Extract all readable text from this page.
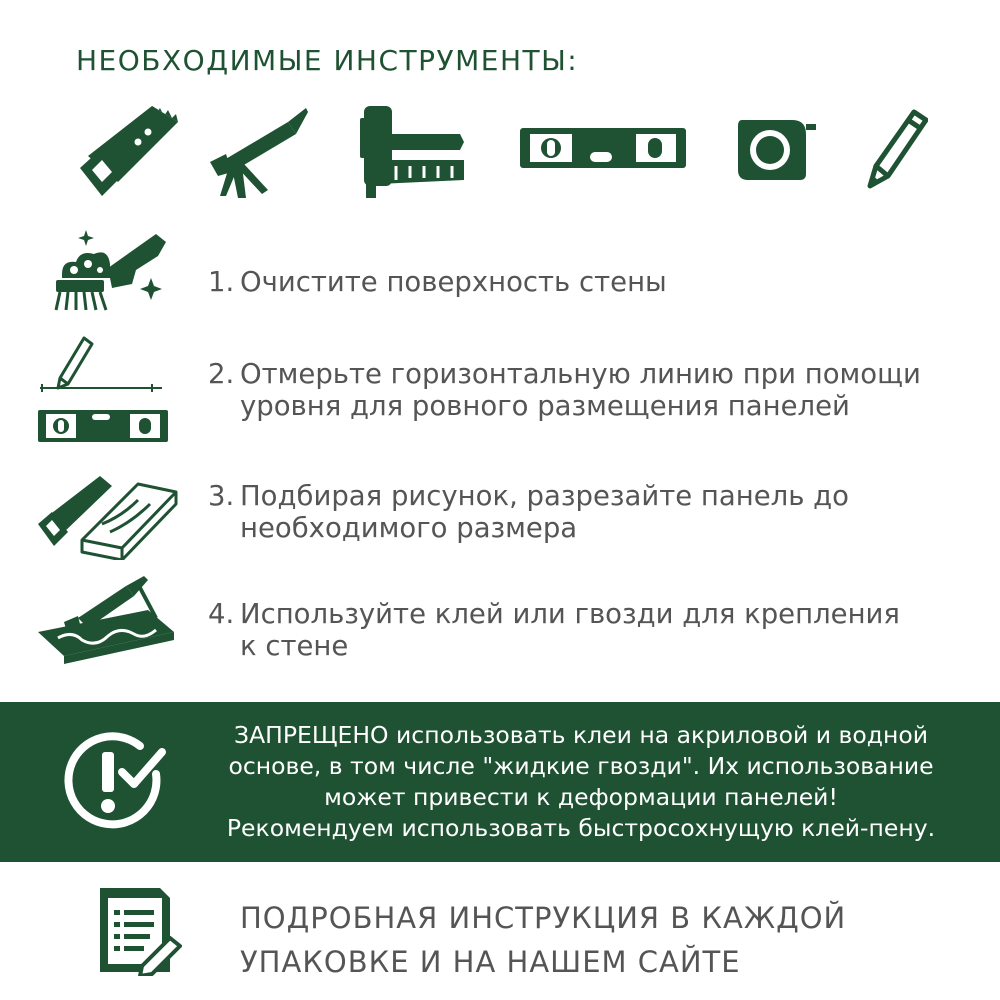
НЕОБХОДИМЫЕ ИНСТРУМЕНТЫ:
1. Очистите поверхность стены
2. Отмерьте горизонтальную линию при помощи
уровня для ровного размещения панелей
3. Подбирая рисунок, разрезайте панель до
необходимого размера
4. Используйте клей или гвозди для крепления
к стене
ЗАПРЕЩЕНО использовать клеи на акриловой и водной
основе, в том числе "жидкие гвозди". Их использование
может привести к деформации панелей!
Рекомендуем использовать быстросохнущую клей-пену.
ПОДРОБНАЯ ИНСТРУКЦИЯ В КАЖДОЙ
УПАКОВКЕ И НА НАШЕМ САЙТЕ
